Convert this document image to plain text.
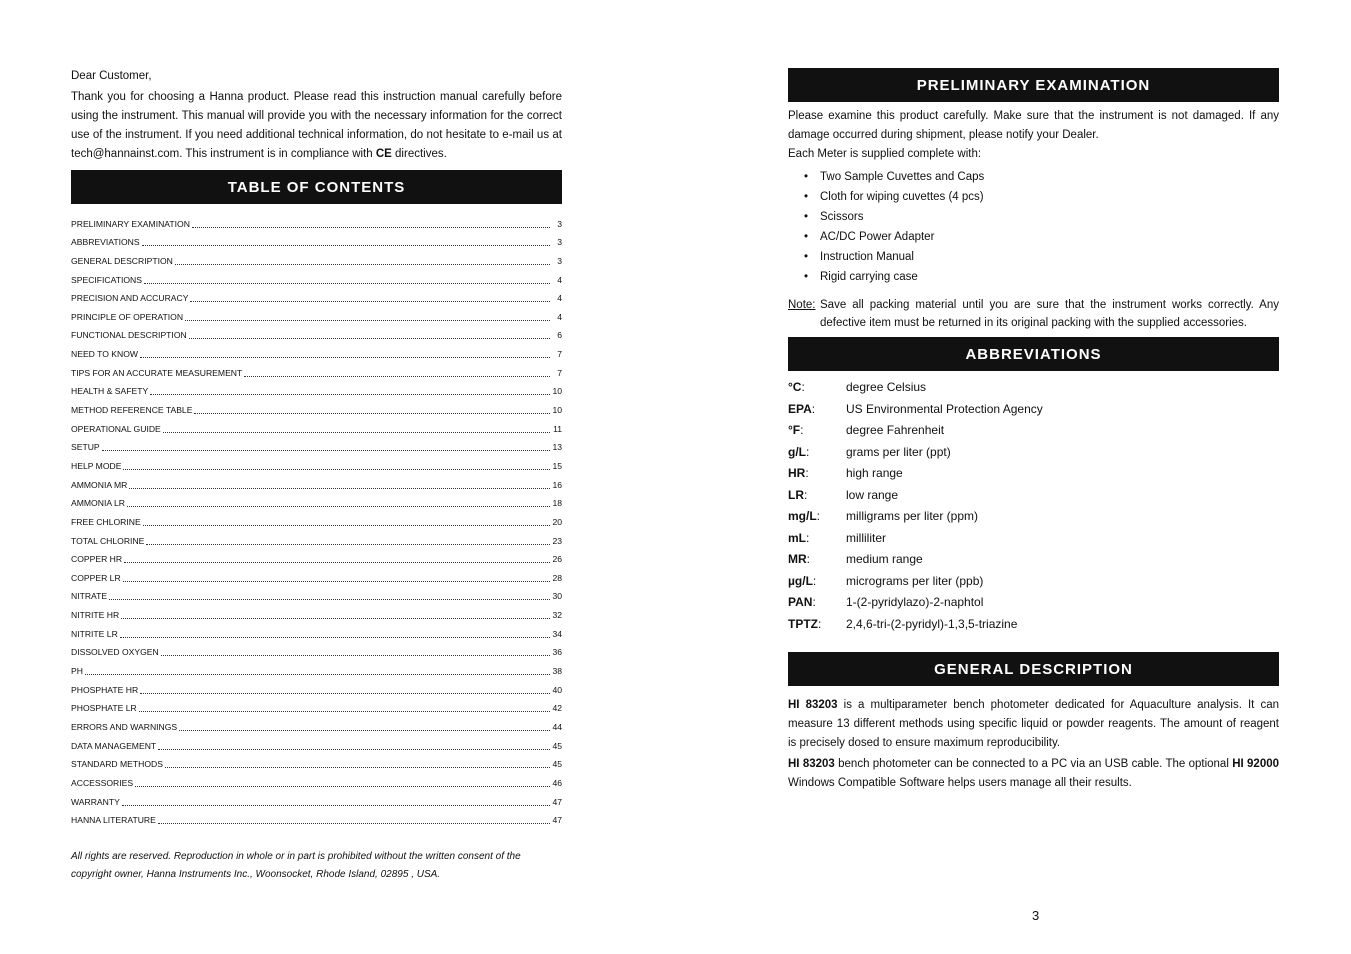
Dear Customer,

Thank you for choosing a Hanna product. Please read this instruction manual carefully before using the instrument. This manual will provide you with the necessary information for the correct use of the instrument. If you need additional technical information, do not hesitate to e-mail us at tech@hannainst.com. This instrument is in compliance with CE directives.

TABLE OF CONTENTS
PRELIMINARY EXAMINATION	3
ABBREVIATIONS	3
GENERAL DESCRIPTION	3
SPECIFICATIONS	4
PRECISION AND ACCURACY	4
PRINCIPLE OF OPERATION	4
FUNCTIONAL DESCRIPTION	6
NEED TO KNOW	7
TIPS FOR AN ACCURATE MEASUREMENT	7
HEALTH & SAFETY	10
METHOD REFERENCE TABLE	10
OPERATIONAL GUIDE	11
SETUP	13
HELP MODE	15
AMMONIA MR	16
AMMONIA LR	18
FREE CHLORINE	20
TOTAL CHLORINE	23
COPPER HR	26
COPPER LR	28
NITRATE	30
NITRITE HR	32
NITRITE LR	34
DISSOLVED OXYGEN	36
PH	38
PHOSPHATE HR	40
PHOSPHATE LR	42
ERRORS AND WARNINGS	44
DATA MANAGEMENT	45
STANDARD METHODS	45
ACCESSORIES	46
WARRANTY	47
HANNA LITERATURE	47
All rights are reserved. Reproduction in whole or in part is prohibited without the written consent of the copyright owner, Hanna Instruments Inc., Woonsocket, Rhode Island, 02895 , USA.
PRELIMINARY EXAMINATION

Please examine this product carefully. Make sure that the instrument is not damaged. If any damage occurred during shipment, please notify your Dealer.
Each Meter is supplied complete with:

•	Two Sample Cuvettes and Caps
•	Cloth for wiping cuvettes (4 pcs)
•	Scissors
•	AC/DC Power Adapter
•	Instruction Manual
•	Rigid carrying case
Note: Save all packing material until you are sure that the instrument works correctly. Any defective item must be returned in its original packing with the supplied accessories.
ABBREVIATIONS
°C:	degree Celsius
EPA:	US Environmental Protection Agency
°F:	degree Fahrenheit
g/L:	grams per liter (ppt)
HR:	high range
LR:	low range
mg/L:	milligrams per liter (ppm)
mL:	milliliter
MR:	medium range
µg/L:	micrograms per liter (ppb)
PAN:	1-(2-pyridylazo)-2-naphtol
TPTZ:	2,4,6-tri-(2-pyridyl)-1,3,5-triazine
GENERAL DESCRIPTION

HI 83203 is a multiparameter bench photometer dedicated for Aquaculture analysis. It can measure 13 different methods using specific liquid or powder reagents. The amount of reagent is precisely dosed to ensure maximum reproducibility.

HI 83203 bench photometer can be connected to a PC via an USB cable. The optional HI 92000 Windows Compatible Software helps users manage all their results.

3
